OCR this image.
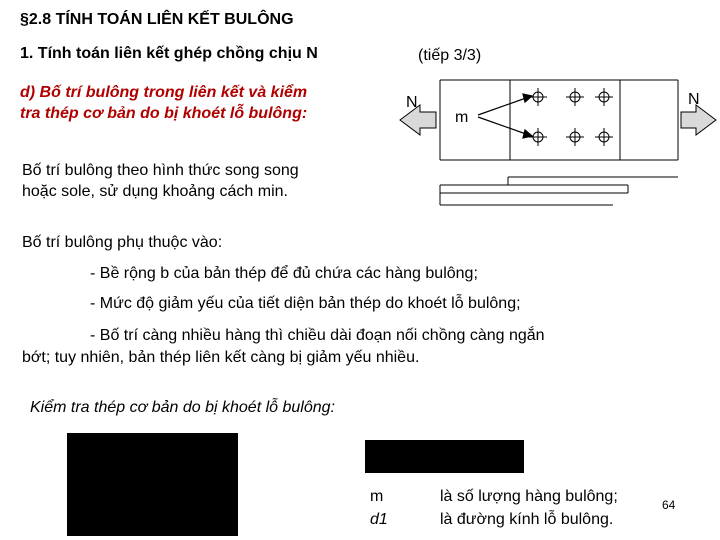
§2.8 TÍNH TOÁN LIÊN KẾT BULÔNG
1. Tính toán liên kết ghép chồng chịu N	(tiếp 3/3)
d) Bố trí bulông trong liên kết và kiểm
tra thép cơ bản do bị khoét lỗ bulông:
N	N
m
Bố trí bulông theo hình thức song song
hoặc sole, sử dụng khoảng cách min.
Bố trí bulông phụ thuộc vào:
- Bề rộng b của bản thép để đủ chứa các hàng bulông;
- Mức độ giảm yếu của tiết diện bản thép do khoét lỗ bulông;
- Bố trí càng nhiều hàng thì chiều dài đoạn nối chồng càng ngắn
bớt; tuy nhiên, bản thép liên kết càng bị giảm yếu nhiều.
Kiểm tra thép cơ bản do bị khoét lỗ bulông:
m	là số lượng hàng bulông;
d1	là đường kính lỗ bulông.
64
